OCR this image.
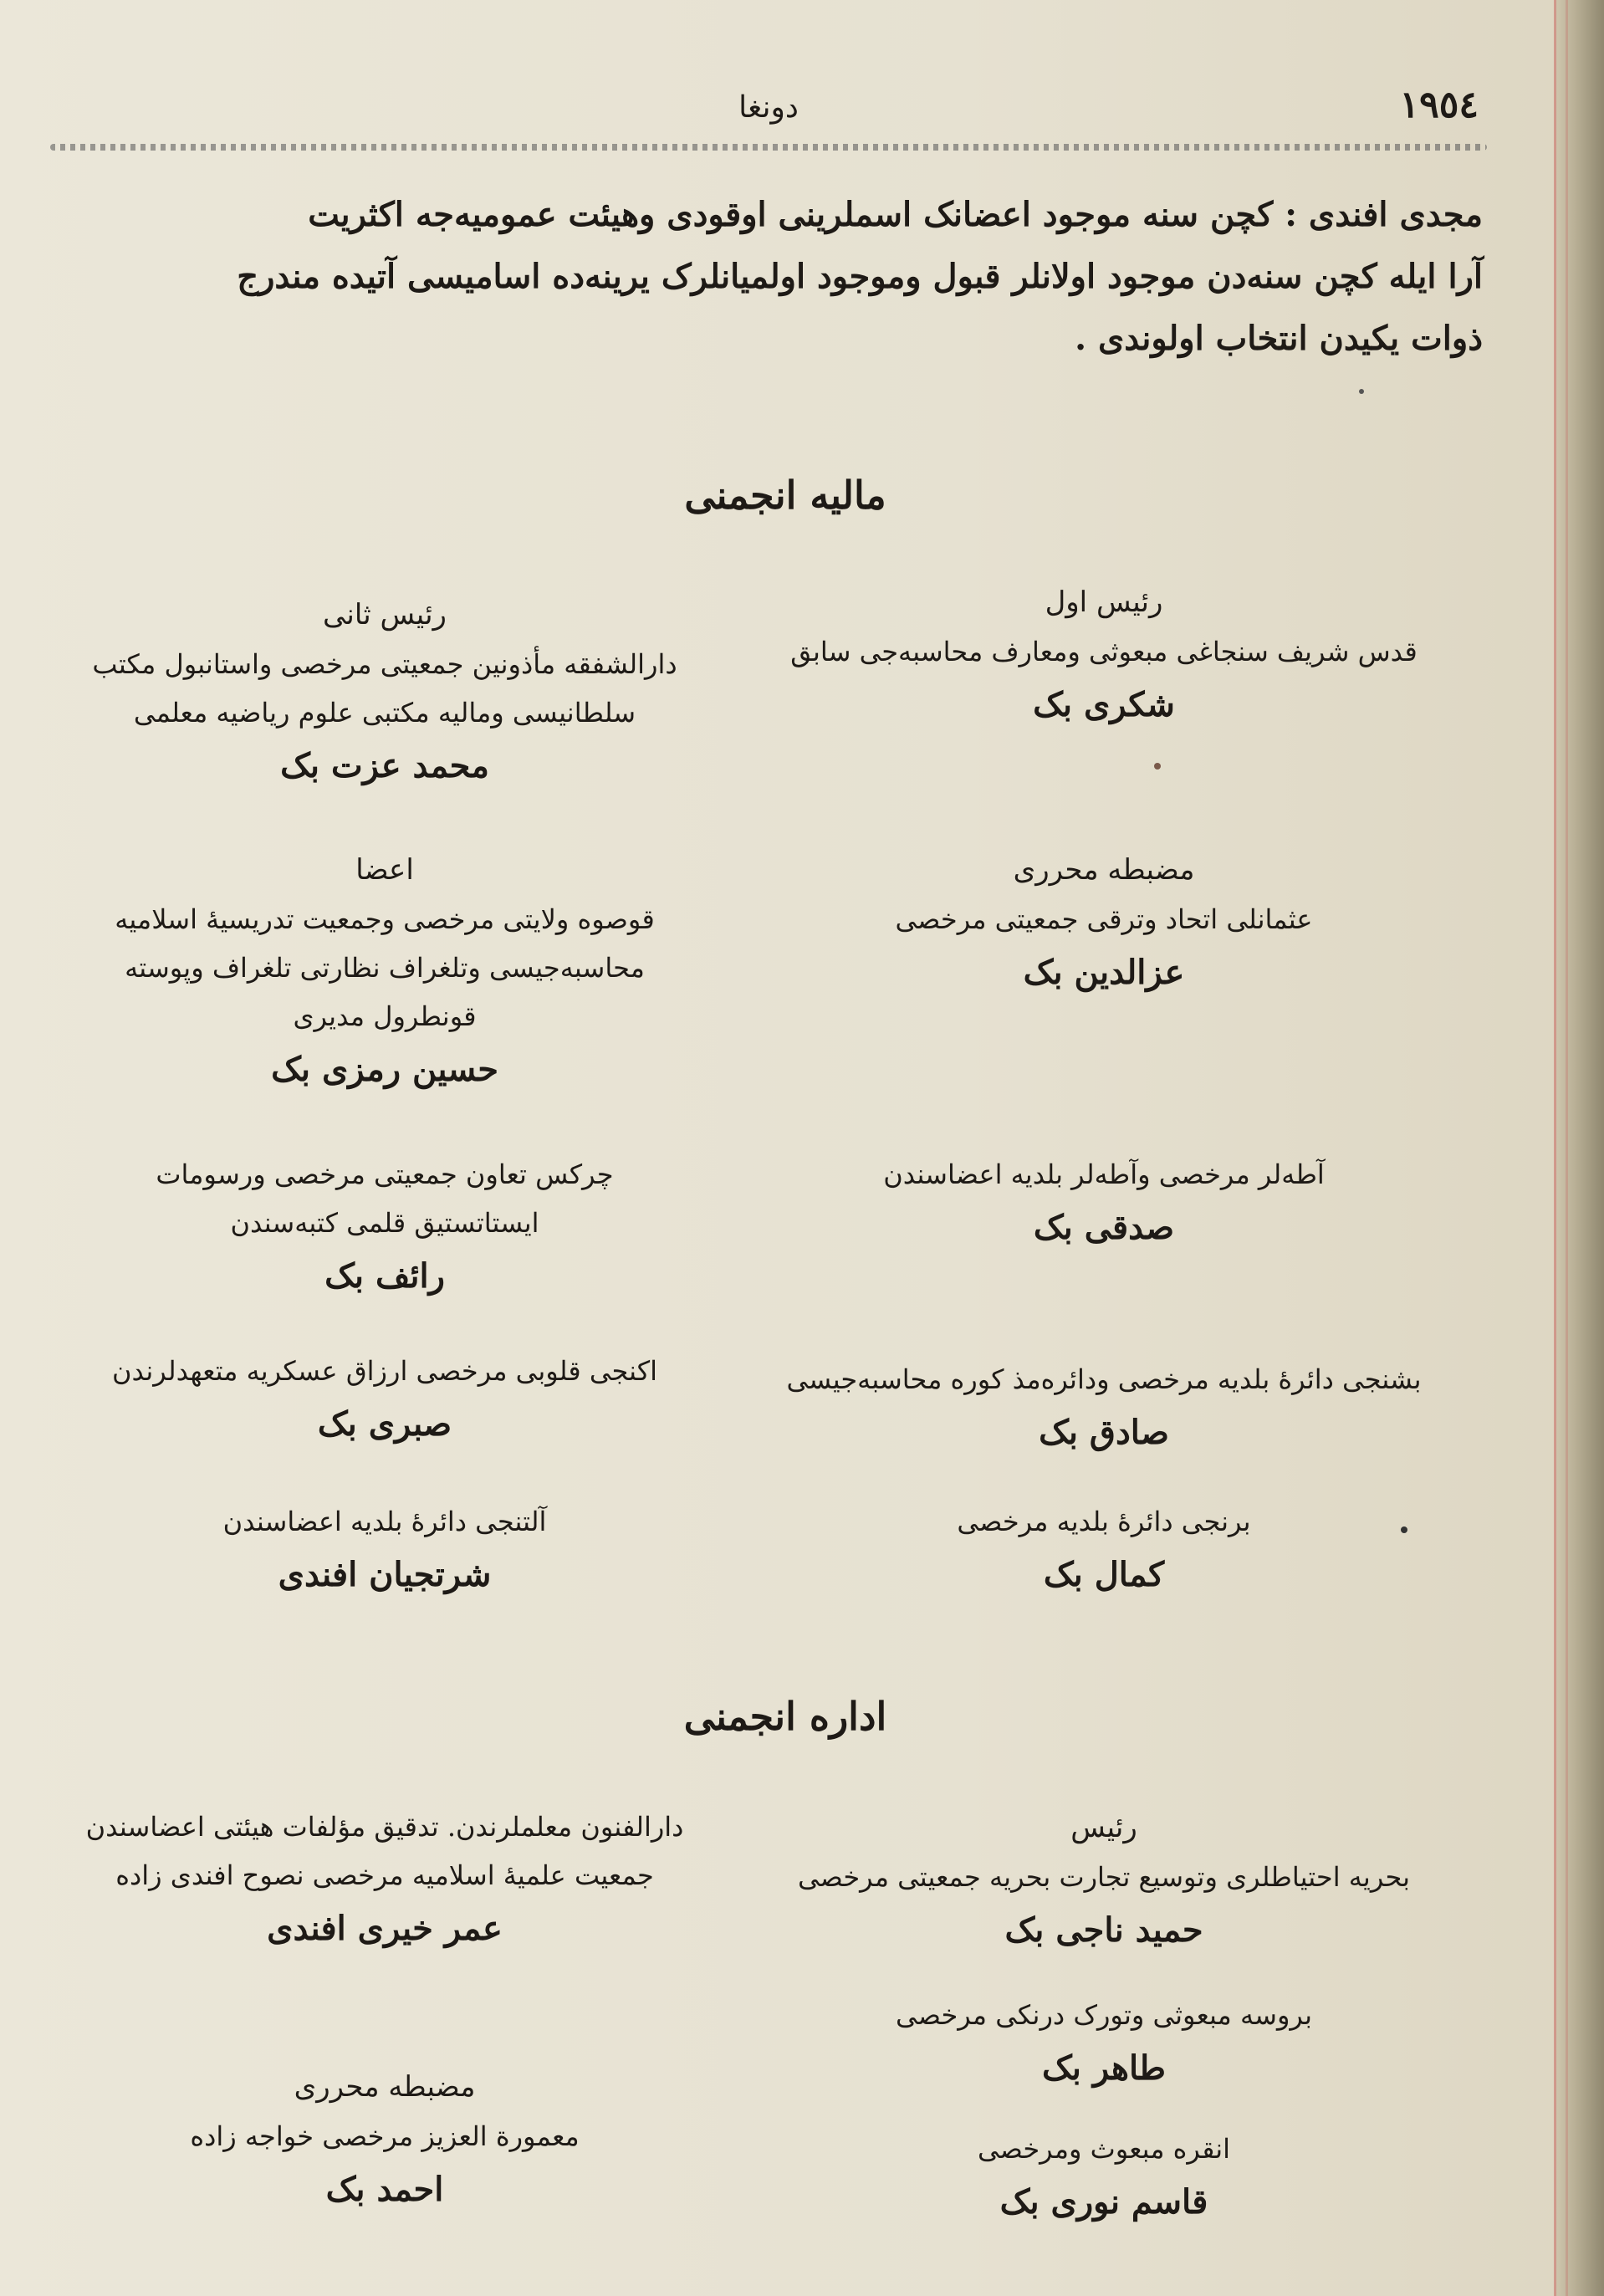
١٩٥٤
دونغا
مجدی افندی : کچن سنه موجود اعضانک اسملرینی اوقودی وهیئت عمومیه‌جه اکثریت
آرا ایله کچن سنه‌دن موجود اولانلر قبول وموجود اولمیانلرک یرینه‌ده اسامیسی آتیده مندرج
ذوات یکیدن انتخاب اولوندی .
مالیه انجمنی
رئیس اول
قدس شریف سنجاغی مبعوثی ومعارف محاسبه‌جی سابق
شکری بک
رئیس ثانی
دارالشفقه مأذونین جمعیتی مرخصی واستانبول مکتب
سلطانیسی ومالیه مکتبی علوم ریاضیه معلمی
محمد عزت بک
مضبطه محرری
عثمانلی اتحاد وترقی جمعیتی مرخصی
عزالدین بک
اعضا
قوصوه ولایتی مرخصی وجمعیت تدریسیهٔ اسلامیه
محاسبه‌جیسی وتلغراف نظارتی تلغراف وپوسته
قونطرول مدیری
حسین رمزی بک
آطه‌لر مرخصی وآطه‌لر بلدیه اعضاسندن
صدقی بک
چرکس تعاون جمعیتی مرخصی ورسومات
ایستاتستیق قلمی کتبه‌سندن
رائف بک
بشنجی دائرهٔ بلدیه مرخصی ودائره‌مذ کوره محاسبه‌جیسی
صادق بک
اکنجی قلوبی مرخصی ارزاق عسکریه متعهدلرندن
صبری بک
برنجی دائرهٔ بلدیه مرخصی
کمال بک
آلتنجی دائرهٔ بلدیه اعضاسندن
شرتجیان افندی
اداره انجمنی
رئیس
بحریه احتیاطلری وتوسیع تجارت بحریه جمعیتی مرخصی
حمید ناجی بک
دارالفنون معلملرندن. تدقیق مؤلفات هیئتی اعضاسندن
جمعیت علمیهٔ اسلامیه مرخصی نصوح افندی زاده
عمر خیری افندی
بروسه مبعوثی وتورک درنکی مرخصی
طاهر بک
مضبطه محرری
معمورة العزیز مرخصی خواجه زاده
احمد بک
انقره مبعوث ومرخصی
قاسم نوری بک
